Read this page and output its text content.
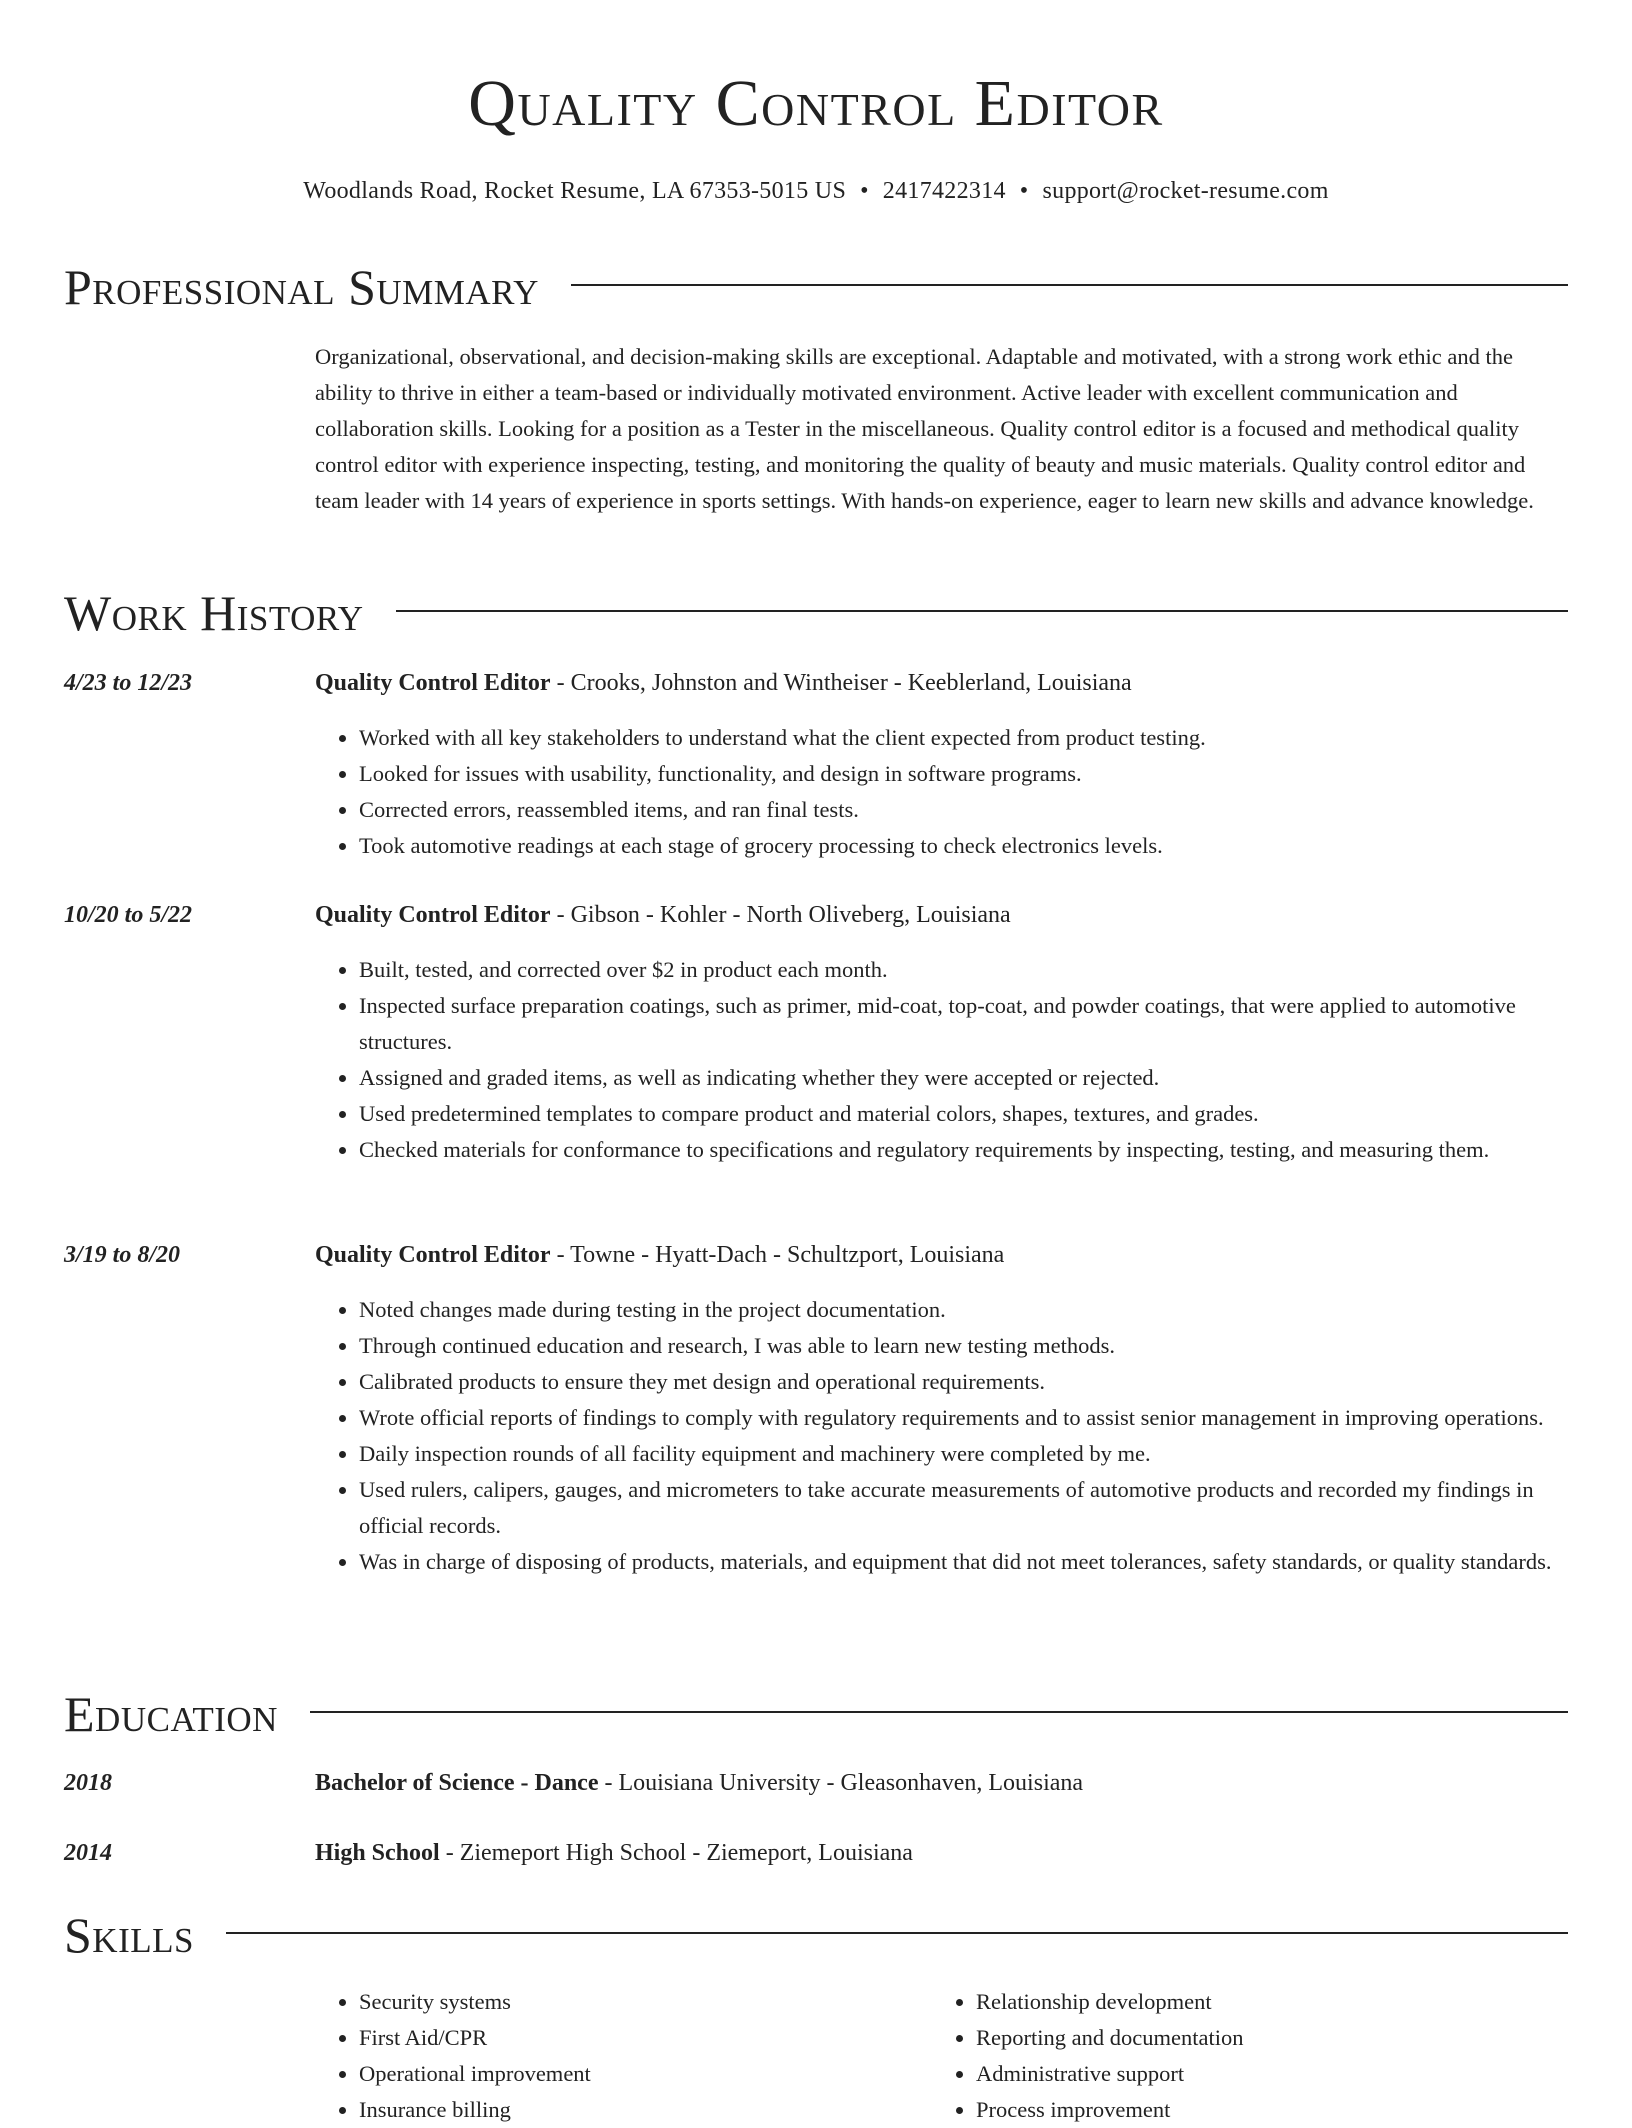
Quality Control Editor
Woodlands Road, Rocket Resume, LA 67353-5015 US • 2417422314 • support@rocket-resume.com
Professional Summary
Organizational, observational, and decision-making skills are exceptional. Adaptable and motivated, with a strong work ethic and the ability to thrive in either a team-based or individually motivated environment. Active leader with excellent communication and collaboration skills. Looking for a position as a Tester in the miscellaneous. Quality control editor is a focused and methodical quality control editor with experience inspecting, testing, and monitoring the quality of beauty and music materials. Quality control editor and team leader with 14 years of experience in sports settings. With hands-on experience, eager to learn new skills and advance knowledge.
Work History
4/23 to 12/23	Quality Control Editor - Crooks, Johnston and Wintheiser - Keeblerland, Louisiana
• Worked with all key stakeholders to understand what the client expected from product testing.
• Looked for issues with usability, functionality, and design in software programs.
• Corrected errors, reassembled items, and ran final tests.
• Took automotive readings at each stage of grocery processing to check electronics levels.
10/20 to 5/22	Quality Control Editor - Gibson - Kohler - North Oliveberg, Louisiana
• Built, tested, and corrected over $2 in product each month.
• Inspected surface preparation coatings, such as primer, mid-coat, top-coat, and powder coatings, that were applied to automotive structures.
• Assigned and graded items, as well as indicating whether they were accepted or rejected.
• Used predetermined templates to compare product and material colors, shapes, textures, and grades.
• Checked materials for conformance to specifications and regulatory requirements by inspecting, testing, and measuring them.
3/19 to 8/20	Quality Control Editor - Towne - Hyatt-Dach - Schultzport, Louisiana
• Noted changes made during testing in the project documentation.
• Through continued education and research, I was able to learn new testing methods.
• Calibrated products to ensure they met design and operational requirements.
• Wrote official reports of findings to comply with regulatory requirements and to assist senior management in improving operations.
• Daily inspection rounds of all facility equipment and machinery were completed by me.
• Used rulers, calipers, gauges, and micrometers to take accurate measurements of automotive products and recorded my findings in official records.
• Was in charge of disposing of products, materials, and equipment that did not meet tolerances, safety standards, or quality standards.
Education
2018	Bachelor of Science - Dance - Louisiana University - Gleasonhaven, Louisiana
2014	High School - Ziemeport High School - Ziemeport, Louisiana
Skills
• Security systems
• First Aid/CPR
• Operational improvement
• Insurance billing
• Relationship development
• Reporting and documentation
• Administrative support
• Process improvement
